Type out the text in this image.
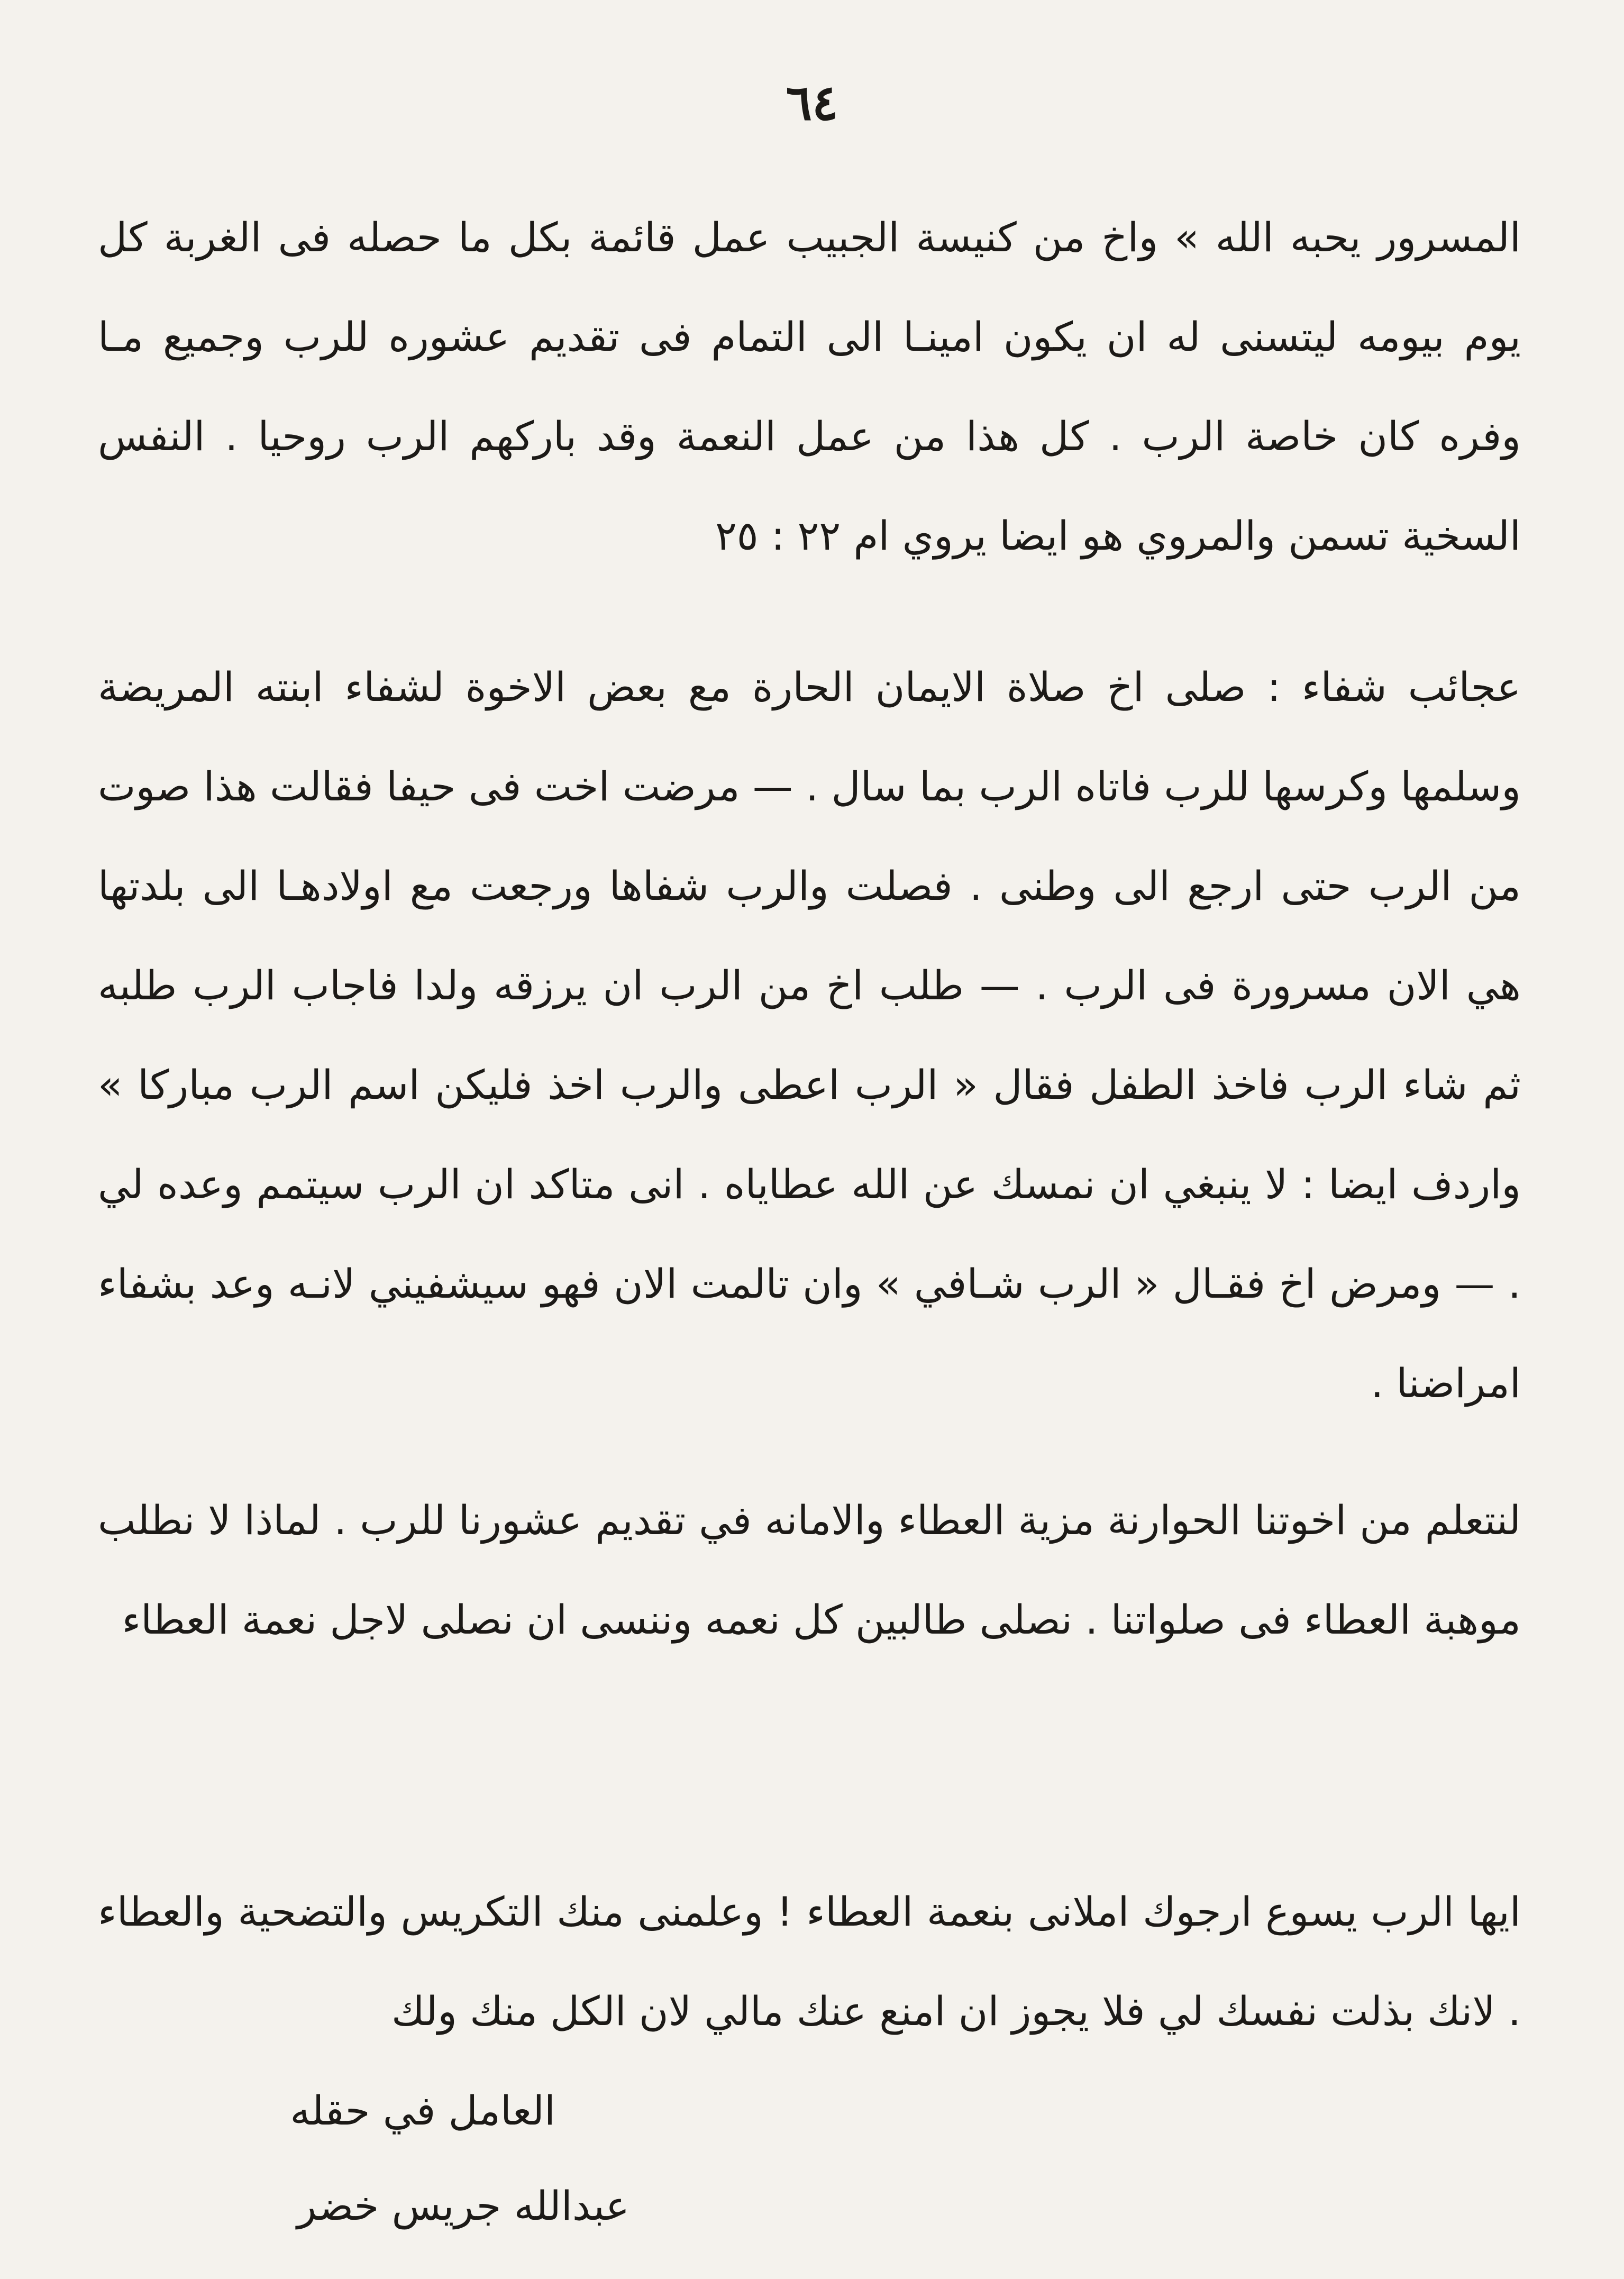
٦٤

المسرور يحبه الله » واخ من كنيسة الجبيب عمل قائمة بكل ما حصله فى الغربة كل يوم بيومه ليتسنى له ان يكون امينـا الى التمام فى تقديم عشوره للرب وجميع مـا وفره كان خاصة الرب . كل هذا من عمل النعمة وقد باركهم الرب روحيا . النفس السخية تسمن والمروي هو ايضا يروي ام ٢٢ : ٢٥

عجائب شفاء : صلى اخ صلاة الايمان الحارة مع بعض الاخوة لشفاء ابنته المريضة وسلمها وكرسها للرب فاتاه الرب بما سال . — مرضت اخت فى حيفا فقالت هذا صوت من الرب حتى ارجع الى وطنى . فصلت والرب شفاها ورجعت مع اولادهـا الى بلدتها هي الان مسرورة فى الرب . — طلب اخ من الرب ان يرزقه ولدا فاجاب الرب طلبه ثم شاء الرب فاخذ الطفل فقال « الرب اعطى والرب اخذ فليكن اسم الرب مباركا » واردف ايضا : لا ينبغي ان نمسك عن الله عطاياه . انى متاكد ان الرب سيتمم وعده لي . — ومرض اخ فقـال « الرب شـافي » وان تالمت الان فهو سيشفيني لانـه وعد بشفاء امراضنا .

لنتعلم من اخوتنا الحوارنة مزية العطاء والامانه في تقديم عشورنا للرب . لماذا لا نطلب موهبة العطاء فى صلواتنا . نصلى طالبين كل نعمه وننسى ان نصلى لاجل نعمة العطاء

ايها الرب يسوع ارجوك املانى بنعمة العطاء ! وعلمنى منك التكريس والتضحية والعطاء . لانك بذلت نفسك لي فلا يجوز ان امنع عنك مالي لان الكل منك ولك

العامل في حقله
عبدالله جريس خضر
